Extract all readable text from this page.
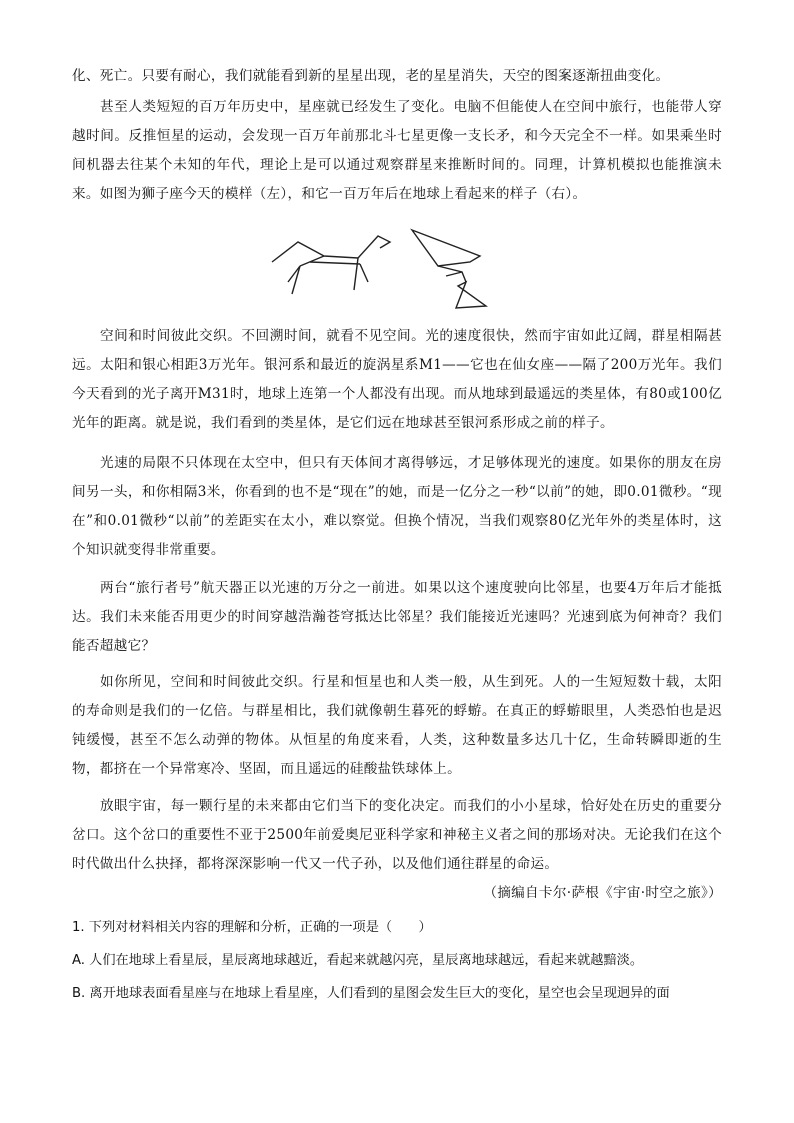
化、死亡。只要有耐心，我们就能看到新的星星出现，老的星星消失，天空的图案逐渐扭曲变化。

甚至人类短短的百万年历史中，星座就已经发生了变化。电脑不但能使人在空间中旅行，也能带人穿越时间。反推恒星的运动，会发现一百万年前那北斗七星更像一支长矛，和今天完全不一样。如果乘坐时间机器去往某个未知的年代，理论上是可以通过观察群星来推断时间的。同理，计算机模拟也能推演未来。如图为狮子座今天的模样（左），和它一百万年后在地球上看起来的样子（右）。

空间和时间彼此交织。不回溯时间，就看不见空间。光的速度很快，然而宇宙如此辽阔，群星相隔甚远。太阳和银心相距3万光年。银河系和最近的旋涡星系M1——它也在仙女座——隔了200万光年。我们今天看到的光子离开M31时，地球上连第一个人都没有出现。而从地球到最遥远的类星体，有80或100亿光年的距离。就是说，我们看到的类星体，是它们远在地球甚至银河系形成之前的样子。

光速的局限不只体现在太空中，但只有天体间才离得够远，才足够体现光的速度。如果你的朋友在房间另一头，和你相隔3米，你看到的也不是“现在”的她，而是一亿分之一秒“以前”的她，即0.01微秒。“现在”和0.01微秒“以前”的差距实在太小，难以察觉。但换个情况，当我们观察80亿光年外的类星体时，这个知识就变得非常重要。

两台“旅行者号”航天器正以光速的万分之一前进。如果以这个速度驶向比邻星，也要4万年后才能抵达。我们未来能否用更少的时间穿越浩瀚苍穹抵达比邻星？我们能接近光速吗？光速到底为何神奇？我们能否超越它？

如你所见，空间和时间彼此交织。行星和恒星也和人类一般，从生到死。人的一生短短数十载，太阳的寿命则是我们的一亿倍。与群星相比，我们就像朝生暮死的蜉蝣。在真正的蜉蝣眼里，人类恐怕也是迟钝缓慢，甚至不怎么动弹的物体。从恒星的角度来看，人类，这种数量多达几十亿，生命转瞬即逝的生物，都挤在一个异常寒冷、坚固，而且遥远的硅酸盐铁球体上。

放眼宇宙，每一颗行星的未来都由它们当下的变化决定。而我们的小小星球，恰好处在历史的重要分岔口。这个岔口的重要性不亚于2500年前爱奥尼亚科学家和神秘主义者之间的那场对决。无论我们在这个时代做出什么抉择，都将深深影响一代又一代子孙，以及他们通往群星的命运。

（摘编自卡尔·萨根《宇宙·时空之旅》）

1. 下列对材料相关内容的理解和分析，正确的一项是（　　）

A. 人们在地球上看星辰，星辰离地球越近，看起来就越闪亮，星辰离地球越远，看起来就越黯淡。

B. 离开地球表面看星座与在地球上看星座，人们看到的星图会发生巨大的变化，星空也会呈现迥异的面
